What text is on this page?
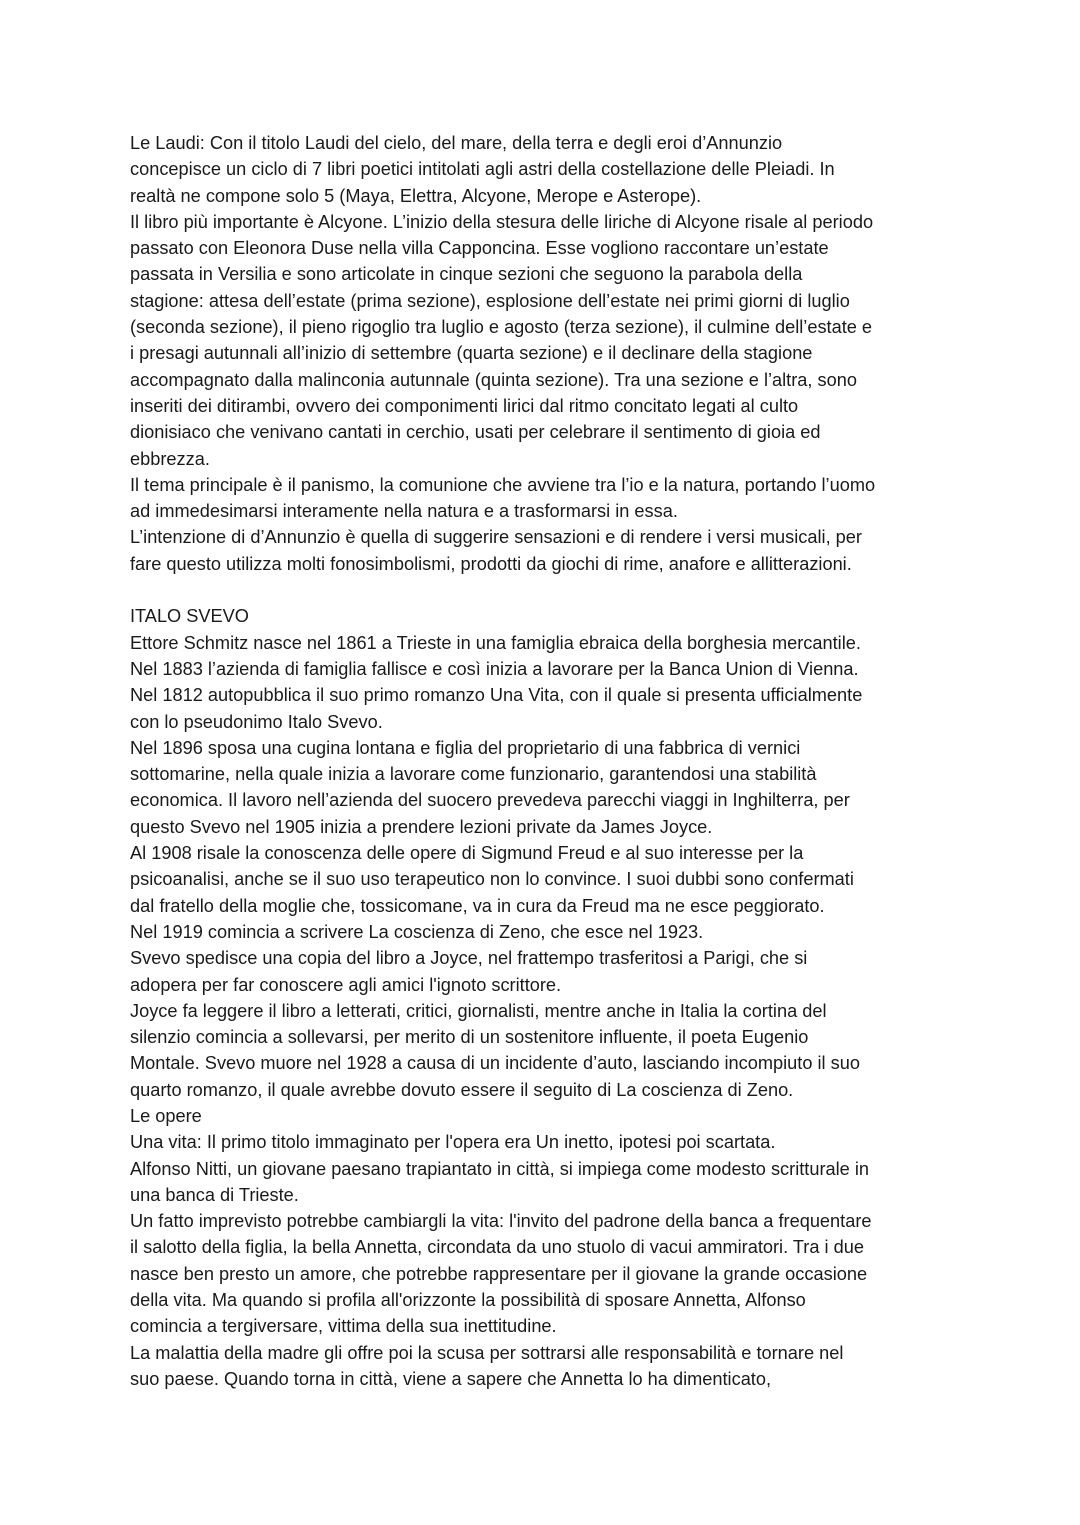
Le Laudi: Con il titolo Laudi del cielo, del mare, della terra e degli eroi d’Annunzio
concepisce un ciclo di 7 libri poetici intitolati agli astri della costellazione delle Pleiadi. In
realtà ne compone solo 5 (Maya, Elettra, Alcyone, Merope e Asterope).
Il libro più importante è Alcyone. L’inizio della stesura delle liriche di Alcyone risale al periodo
passato con Eleonora Duse nella villa Capponcina. Esse vogliono raccontare un’estate
passata in Versilia e sono articolate in cinque sezioni che seguono la parabola della
stagione: attesa dell’estate (prima sezione), esplosione dell’estate nei primi giorni di luglio
(seconda sezione), il pieno rigoglio tra luglio e agosto (terza sezione), il culmine dell’estate e
i presagi autunnali all’inizio di settembre (quarta sezione) e il declinare della stagione
accompagnato dalla malinconia autunnale (quinta sezione). Tra una sezione e l’altra, sono
inseriti dei ditirambi, ovvero dei componimenti lirici dal ritmo concitato legati al culto
dionisiaco che venivano cantati in cerchio, usati per celebrare il sentimento di gioia ed
ebbrezza.
Il tema principale è il panismo, la comunione che avviene tra l’io e la natura, portando l’uomo
ad immedesimarsi interamente nella natura e a trasformarsi in essa.
L’intenzione di d’Annunzio è quella di suggerire sensazioni e di rendere i versi musicali, per
fare questo utilizza molti fonosimbolismi, prodotti da giochi di rime, anafore e allitterazioni.
ITALO SVEVO
Ettore Schmitz nasce nel 1861 a Trieste in una famiglia ebraica della borghesia mercantile.
Nel 1883 l’azienda di famiglia fallisce e così inizia a lavorare per la Banca Union di Vienna.
Nel 1812 autopubblica il suo primo romanzo Una Vita, con il quale si presenta ufficialmente
con lo pseudonimo Italo Svevo.
Nel 1896 sposa una cugina lontana e figlia del proprietario di una fabbrica di vernici
sottomarine, nella quale inizia a lavorare come funzionario, garantendosi una stabilità
economica. Il lavoro nell’azienda del suocero prevedeva parecchi viaggi in Inghilterra, per
questo Svevo nel 1905 inizia a prendere lezioni private da James Joyce.
Al 1908 risale la conoscenza delle opere di Sigmund Freud e al suo interesse per la
psicoanalisi, anche se il suo uso terapeutico non lo convince. I suoi dubbi sono confermati
dal fratello della moglie che, tossicomane, va in cura da Freud ma ne esce peggiorato.
Nel 1919 comincia a scrivere La coscienza di Zeno, che esce nel 1923.
Svevo spedisce una copia del libro a Joyce, nel frattempo trasferitosi a Parigi, che si
adopera per far conoscere agli amici l'ignoto scrittore.
Joyce fa leggere il libro a letterati, critici, giornalisti, mentre anche in Italia la cortina del
silenzio comincia a sollevarsi, per merito di un sostenitore influente, il poeta Eugenio
Montale. Svevo muore nel 1928 a causa di un incidente d’auto, lasciando incompiuto il suo
quarto romanzo, il quale avrebbe dovuto essere il seguito di La coscienza di Zeno.
Le opere
Una vita: Il primo titolo immaginato per l'opera era Un inetto, ipotesi poi scartata.
Alfonso Nitti, un giovane paesano trapiantato in città, si impiega come modesto scritturale in
una banca di Trieste.
Un fatto imprevisto potrebbe cambiargli la vita: l'invito del padrone della banca a frequentare
il salotto della figlia, la bella Annetta, circondata da uno stuolo di vacui ammiratori. Tra i due
nasce ben presto un amore, che potrebbe rappresentare per il giovane la grande occasione
della vita. Ma quando si profila all'orizzonte la possibilità di sposare Annetta, Alfonso
comincia a tergiversare, vittima della sua inettitudine.
La malattia della madre gli offre poi la scusa per sottrarsi alle responsabilità e tornare nel
suo paese. Quando torna in città, viene a sapere che Annetta lo ha dimenticato,
